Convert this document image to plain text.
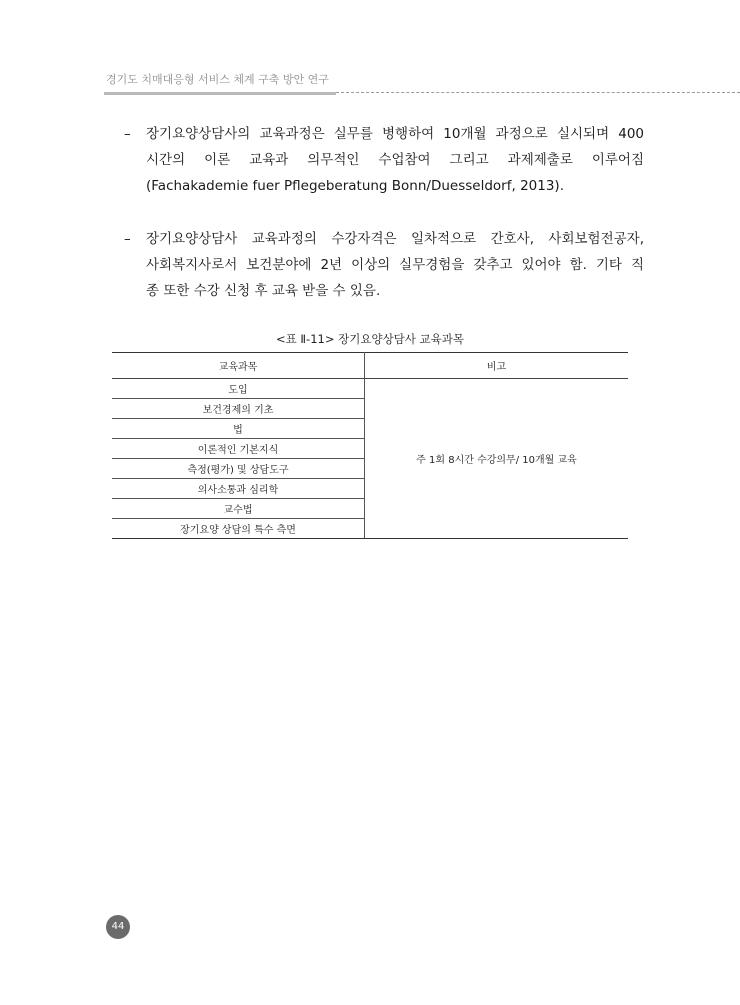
경기도 치매대응형 서비스 체계 구축 방안 연구
– 장기요양상담사의 교육과정은 실무를 병행하여 10개월 과정으로 실시되며 400
시간의 이론 교육과 의무적인 수업참여 그리고 과제제출로 이루어짐
(Fachakademie fuer Pflegeberatung Bonn/Duesseldorf, 2013).
– 장기요양상담사 교육과정의 수강자격은 일차적으로 간호사, 사회보험전공자,
사회복지사로서 보건분야에 2년 이상의 실무경험을 갖추고 있어야 함. 기타 직
종 또한 수강 신청 후 교육 받을 수 있음.
<표 Ⅱ-11> 장기요양상담사 교육과목
교육과목	비고
도입	주 1회 8시간 수강의무/ 10개월 교육
보건경제의 기초	
법	
이론적인 기본지식	
측정(평가) 및 상담도구	
의사소통과 심리학	
교수법	
장기요양 상담의 특수 측면	
44
